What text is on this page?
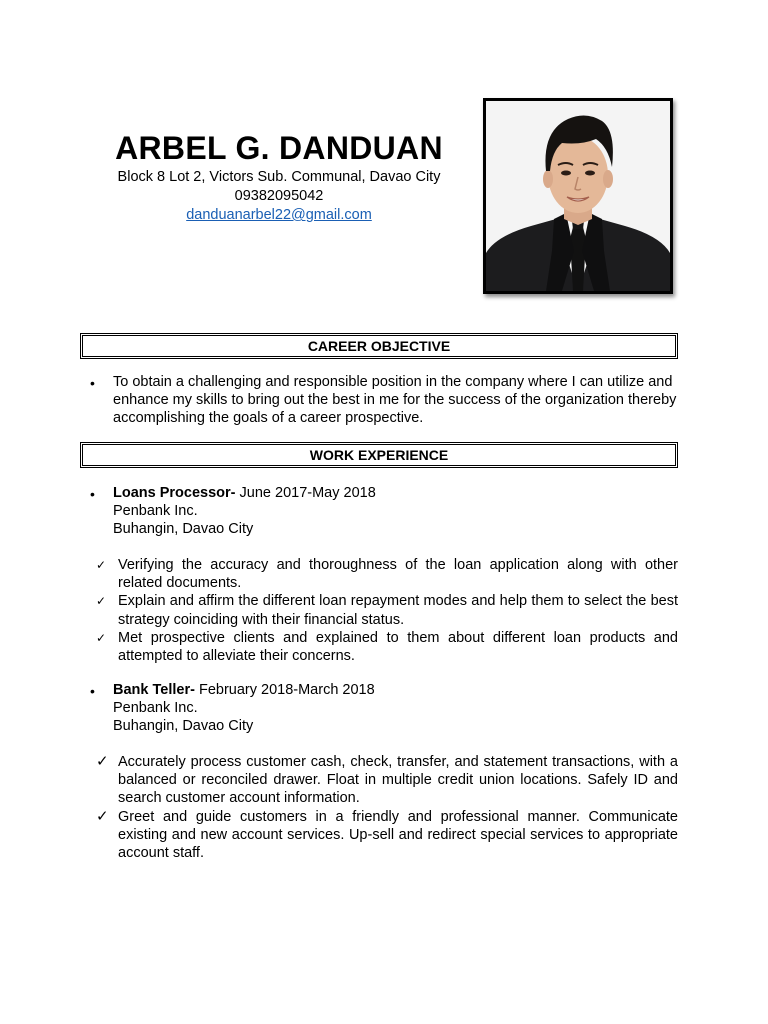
ARBEL G. DANDUAN
Block 8 Lot 2, Victors Sub. Communal, Davao City
09382095042
danduanarbel22@gmail.com
CAREER OBJECTIVE
• To obtain a challenging and responsible position in the company where I can utilize and enhance my skills to bring out the best in me for the success of the organization thereby accomplishing the goals of a career prospective.
WORK EXPERIENCE
• Loans Processor- June 2017-May 2018
Penbank Inc.
Buhangin, Davao City
✓ Verifying the accuracy and thoroughness of the loan application along with other related documents.
✓ Explain and affirm the different loan repayment modes and help them to select the best strategy coinciding with their financial status.
✓ Met prospective clients and explained to them about different loan products and attempted to alleviate their concerns.
• Bank Teller- February 2018-March 2018
Penbank Inc.
Buhangin, Davao City
✓ Accurately process customer cash, check, transfer, and statement transactions, with a balanced or reconciled drawer. Float in multiple credit union locations. Safely ID and search customer account information.
✓ Greet and guide customers in a friendly and professional manner. Communicate existing and new account services. Up-sell and redirect special services to appropriate account staff.
